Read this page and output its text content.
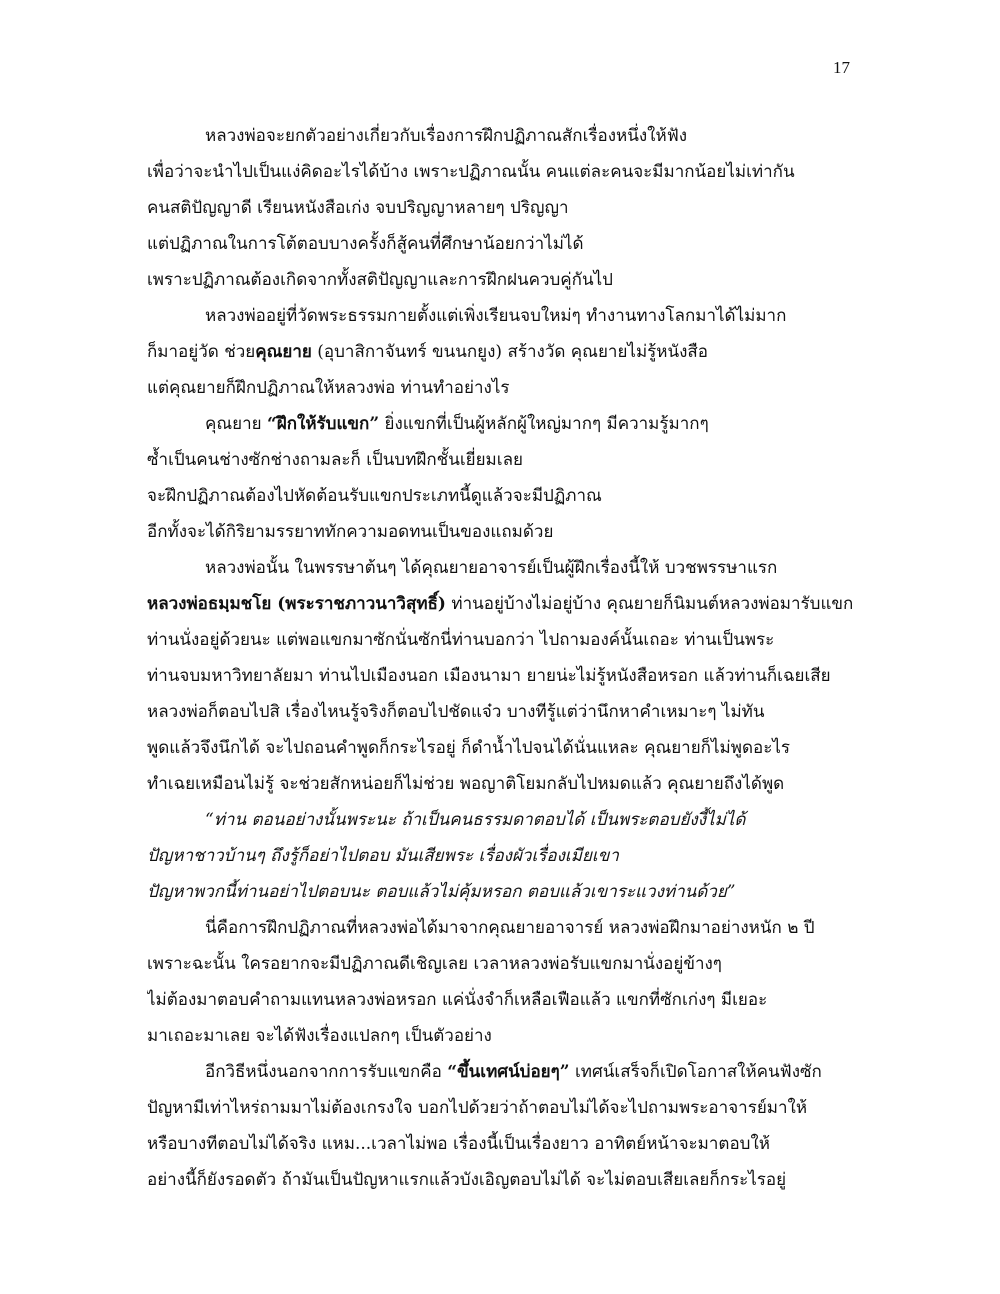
17
หลวงพ่อจะยกตัวอย่างเกี่ยวกับเรื่องการฝึกปฏิภาณสักเรื่องหนึ่งให้ฟัง
เพื่อว่าจะนำไปเป็นแง่คิดอะไรได้บ้าง เพราะปฏิภาณนั้น คนแต่ละคนจะมีมากน้อยไม่เท่ากัน
คนสติปัญญาดี เรียนหนังสือเก่ง จบปริญญาหลายๆ ปริญญา
แต่ปฏิภาณในการโต้ตอบบางครั้งก็สู้คนที่ศึกษาน้อยกว่าไม่ได้
เพราะปฏิภาณต้องเกิดจากทั้งสติปัญญาและการฝึกฝนควบคู่กันไป
หลวงพ่ออยู่ที่วัดพระธรรมกายตั้งแต่เพิ่งเรียนจบใหม่ๆ ทำงานทางโลกมาได้ไม่มาก
ก็มาอยู่วัด ช่วยคุณยาย (อุบาสิกาจันทร์ ขนนกยูง) สร้างวัด คุณยายไม่รู้หนังสือ
แต่คุณยายก็ฝึกปฏิภาณให้หลวงพ่อ ท่านทำอย่างไร
คุณยาย “ฝึกให้รับแขก” ยิ่งแขกที่เป็นผู้หลักผู้ใหญ่มากๆ มีความรู้มากๆ
ซ้ำเป็นคนช่างซักช่างถามละก็ เป็นบทฝึกชั้นเยี่ยมเลย
จะฝึกปฏิภาณต้องไปหัดต้อนรับแขกประเภทนี้ดูแล้วจะมีปฏิภาณ
อีกทั้งจะได้กิริยามรรยาททักความอดทนเป็นของแถมด้วย
หลวงพ่อนั้น ในพรรษาต้นๆ ได้คุณยายอาจารย์เป็นผู้ฝึกเรื่องนี้ให้ บวชพรรษาแรก
หลวงพ่อธมฺมชโย (พระราชภาวนาวิสุทธิ์) ท่านอยู่บ้างไม่อยู่บ้าง คุณยายก็นิมนต์หลวงพ่อมารับแขก
ท่านนั่งอยู่ด้วยนะ แต่พอแขกมาซักนั่นซักนี่ท่านบอกว่า ไปถามองค์นั้นเถอะ ท่านเป็นพระ
ท่านจบมหาวิทยาลัยมา ท่านไปเมืองนอก เมืองนามา ยายน่ะไม่รู้หนังสือหรอก แล้วท่านก็เฉยเสีย
หลวงพ่อก็ตอบไปสิ เรื่องไหนรู้จริงก็ตอบไปชัดแจ๋ว บางทีรู้แต่ว่านึกหาคำเหมาะๆ ไม่ทัน
พูดแล้วจึงนึกได้ จะไปถอนคำพูดก็กระไรอยู่ ก็ดำน้ำไปจนได้นั่นแหละ คุณยายก็ไม่พูดอะไร
ทำเฉยเหมือนไม่รู้ จะช่วยสักหน่อยก็ไม่ช่วย พอญาติโยมกลับไปหมดแล้ว คุณยายถึงได้พูด
“ท่าน ตอนอย่างนั้นพระนะ ถ้าเป็นคนธรรมดาตอบได้ เป็นพระตอบยังงี้ไม่ได้
ปัญหาชาวบ้านๆ ถึงรู้ก็อย่าไปตอบ มันเสียพระ เรื่องผัวเรื่องเมียเขา
ปัญหาพวกนี้ท่านอย่าไปตอบนะ ตอบแล้วไม่คุ้มหรอก ตอบแล้วเขาระแวงท่านด้วย”
นี่คือการฝึกปฏิภาณที่หลวงพ่อได้มาจากคุณยายอาจารย์ หลวงพ่อฝึกมาอย่างหนัก ๒ ปี
เพราะฉะนั้น ใครอยากจะมีปฏิภาณดีเชิญเลย เวลาหลวงพ่อรับแขกมานั่งอยู่ข้างๆ
ไม่ต้องมาตอบคำถามแทนหลวงพ่อหรอก แค่นั่งจำก็เหลือเฟือแล้ว แขกที่ซักเก่งๆ มีเยอะ
มาเถอะมาเลย จะได้ฟังเรื่องแปลกๆ เป็นตัวอย่าง
อีกวิธีหนึ่งนอกจากการรับแขกคือ “ขึ้นเทศน์บ่อยๆ” เทศน์เสร็จก็เปิดโอกาสให้คนฟังซัก
ปัญหามีเท่าไหร่ถามมาไม่ต้องเกรงใจ บอกไปด้วยว่าถ้าตอบไม่ได้จะไปถามพระอาจารย์มาให้
หรือบางทีตอบไม่ได้จริง แหม...เวลาไม่พอ เรื่องนี้เป็นเรื่องยาว อาทิตย์หน้าจะมาตอบให้
อย่างนี้ก็ยังรอดตัว ถ้ามันเป็นปัญหาแรกแล้วบังเอิญตอบไม่ได้ จะไม่ตอบเสียเลยก็กระไรอยู่
